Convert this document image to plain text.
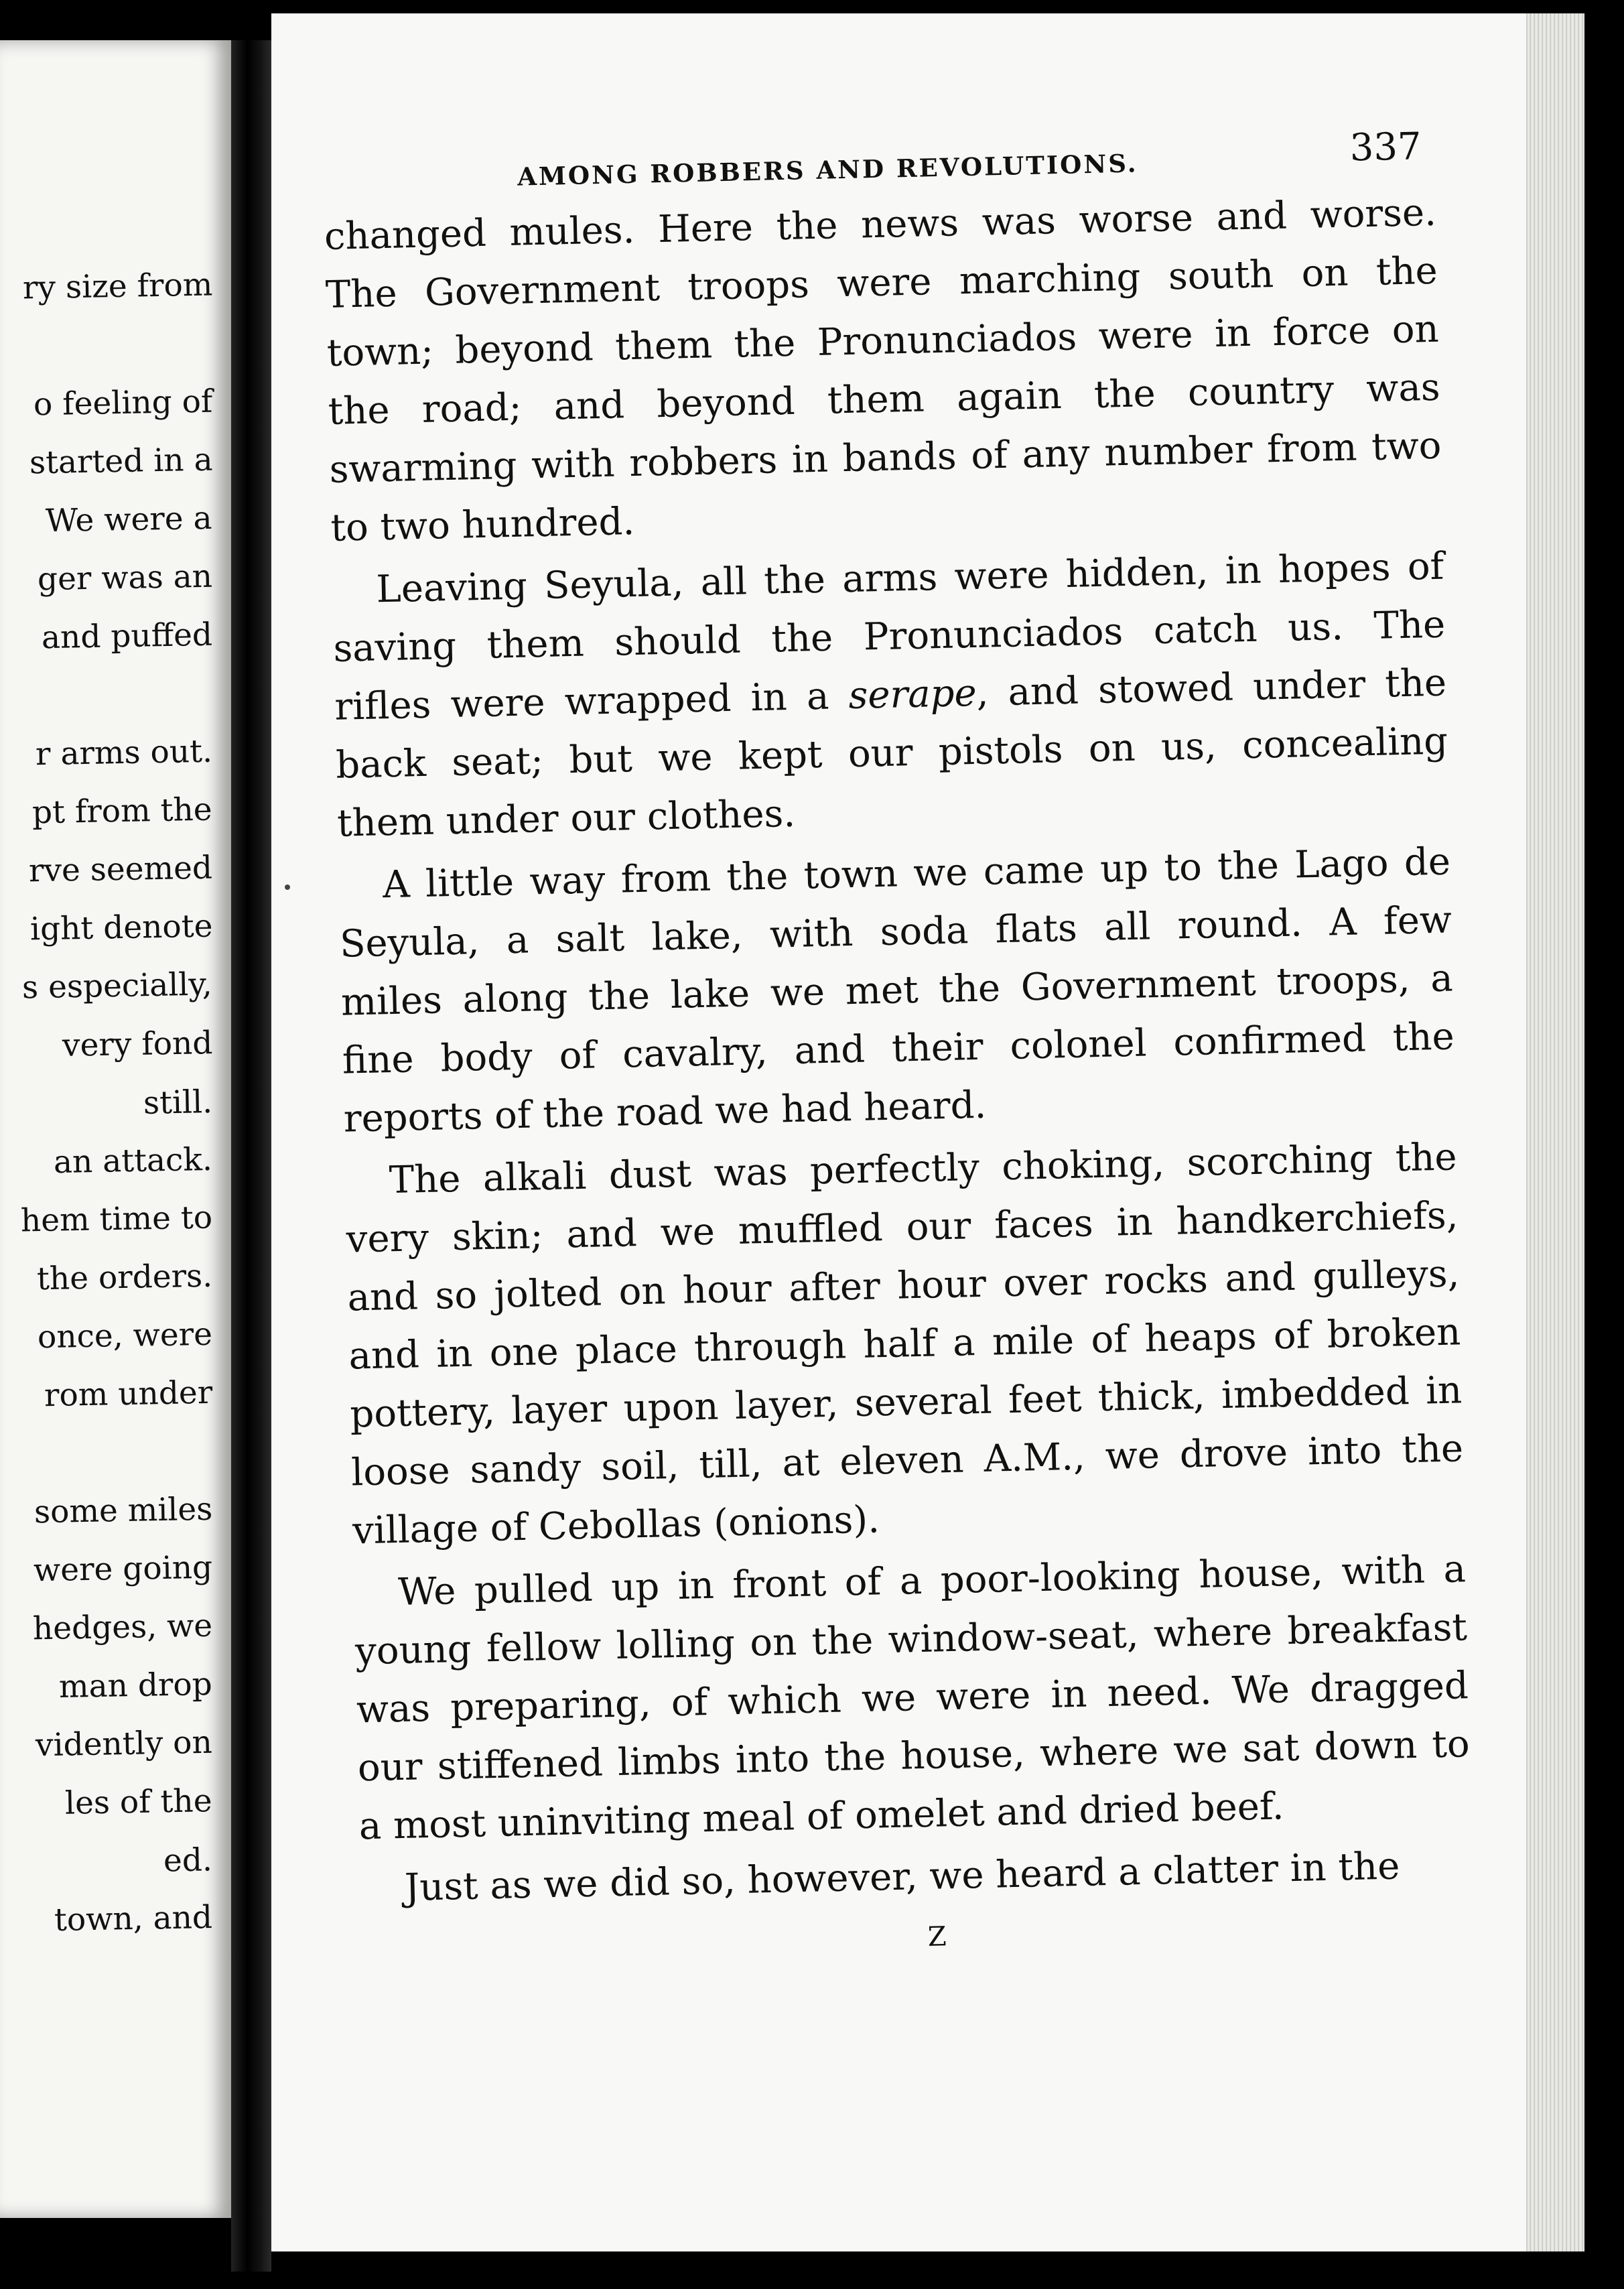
ry size from
o feeling of
started in a
We were a
ger was an
and puffed
r arms out.
pt from the
rve seemed
ight denote
s especially,
very fond
still.
an attack.
hem time to
the orders.
once, were
rom under
some miles
were going
hedges, we
man drop
vidently on
les of the
ed.
town, and
AMONG ROBBERS AND REVOLUTIONS.
337
changed mules. Here the news was worse and worse.
The Government troops were marching south on the
town; beyond them the Pronunciados were in force on
the road; and beyond them again the country was
swarming with robbers in bands of any number from two
to two hundred.
Leaving Seyula, all the arms were hidden, in hopes of
saving them should the Pronunciados catch us. The
rifles were wrapped in a serape, and stowed under the
back seat; but we kept our pistols on us, concealing
them under our clothes.
A little way from the town we came up to the Lago de
Seyula, a salt lake, with soda flats all round. A few
miles along the lake we met the Government troops, a
fine body of cavalry, and their colonel confirmed the
reports of the road we had heard.
The alkali dust was perfectly choking, scorching the
very skin; and we muffled our faces in handkerchiefs,
and so jolted on hour after hour over rocks and gulleys,
and in one place through half a mile of heaps of broken
pottery, layer upon layer, several feet thick, imbedded in
loose sandy soil, till, at eleven A.M., we drove into the
village of Cebollas (onions).
We pulled up in front of a poor-looking house, with a
young fellow lolling on the window-seat, where breakfast
was preparing, of which we were in need. We dragged
our stiffened limbs into the house, where we sat down to
a most uninviting meal of omelet and dried beef.
Just as we did so, however, we heard a clatter in the
Z
